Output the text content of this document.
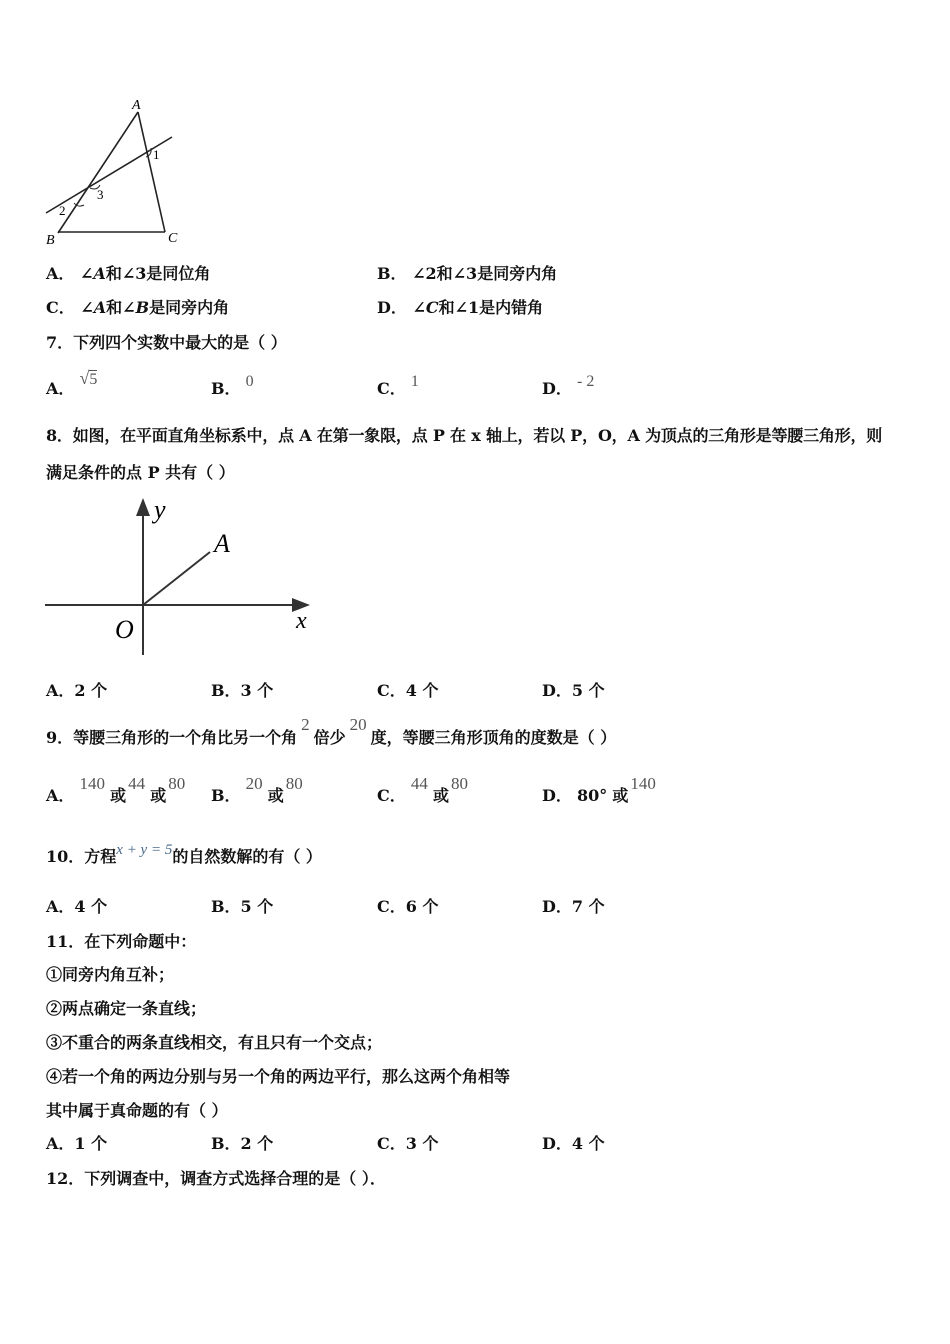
A
B	C
1
2
3
A． ∠A和∠3是同位角	B． ∠2和∠3是同旁内角
C． ∠A和∠B是同旁内角	D． ∠C和∠1是内错角
7．下列四个实数中最大的是（ ）
A． √5	B． 0	C． 1	D． - 2
8．如图，在平面直角坐标系中，点 A 在第一象限，点 P 在 x 轴上，若以 P，O，A 为顶点的三角形是等腰三角形，则
满足条件的点 P 共有（ ）
y
x
O
A
A．2 个	B．3 个	C．4 个	D．5 个
9．等腰三角形的一个角比另一个角2倍少20度，等腰三角形顶角的度数是（ ）
A． 140 或44 或80
B． 20 或80
C． 44 或80
D． 80° 或140
10．方程x + y = 5的自然数解的有（ ）
A．4 个	B．5 个	C．6 个	D．7 个
11．在下列命题中：
①同旁内角互补；
②两点确定一条直线；
③不重合的两条直线相交，有且只有一个交点；
④若一个角的两边分别与另一个角的两边平行，那么这两个角相等
其中属于真命题的有（ ）
A．1 个	B．2 个	C．3 个	D．4 个
12．下列调查中，调查方式选择合理的是（ ）．
